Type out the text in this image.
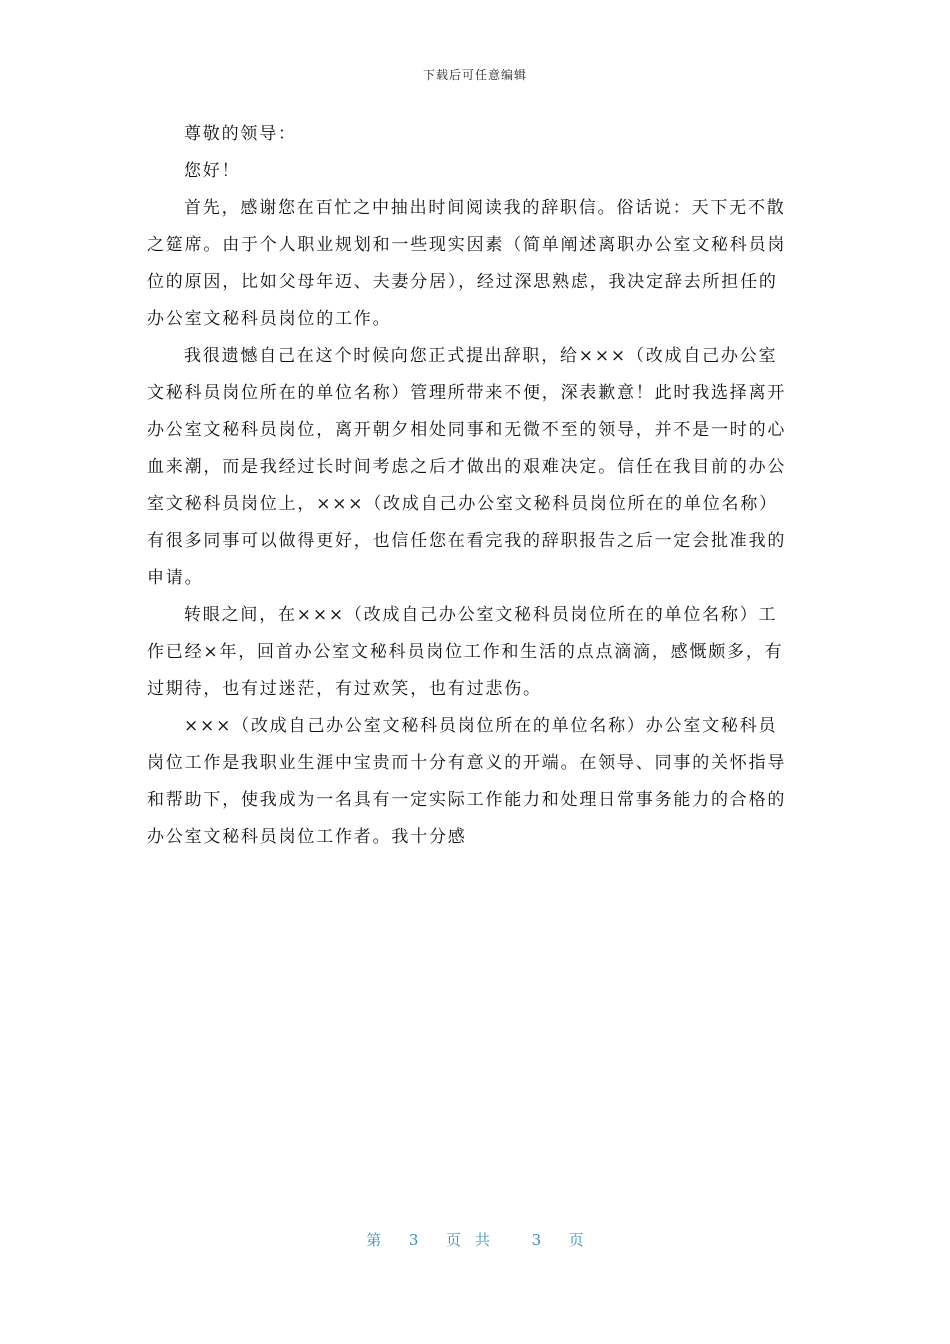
下载后可任意编辑
尊敬的领导：
您好！
首先，感谢您在百忙之中抽出时间阅读我的辞职信。俗话说：天下无不散
之筵席。由于个人职业规划和一些现实因素（简单阐述离职办公室文秘科员岗
位的原因，比如父母年迈、夫妻分居），经过深思熟虑，我决定辞去所担任的
办公室文秘科员岗位的工作。
我很遗憾自己在这个时候向您正式提出辞职，给×××（改成自己办公室
文秘科员岗位所在的单位名称）管理所带来不便，深表歉意！此时我选择离开
办公室文秘科员岗位，离开朝夕相处同事和无微不至的领导，并不是一时的心
血来潮，而是我经过长时间考虑之后才做出的艰难决定。信任在我目前的办公
室文秘科员岗位上，×××（改成自己办公室文秘科员岗位所在的单位名称）
有很多同事可以做得更好，也信任您在看完我的辞职报告之后一定会批准我的
申请。
转眼之间，在×××（改成自己办公室文秘科员岗位所在的单位名称）工
作已经×年，回首办公室文秘科员岗位工作和生活的点点滴滴，感慨颇多，有
过期待，也有过迷茫，有过欢笑，也有过悲伤。
×××（改成自己办公室文秘科员岗位所在的单位名称）办公室文秘科员
岗位工作是我职业生涯中宝贵而十分有意义的开端。在领导、同事的关怀指导
和帮助下，使我成为一名具有一定实际工作能力和处理日常事务能力的合格的
办公室文秘科员岗位工作者。我十分感
第 3 页共 3 页
